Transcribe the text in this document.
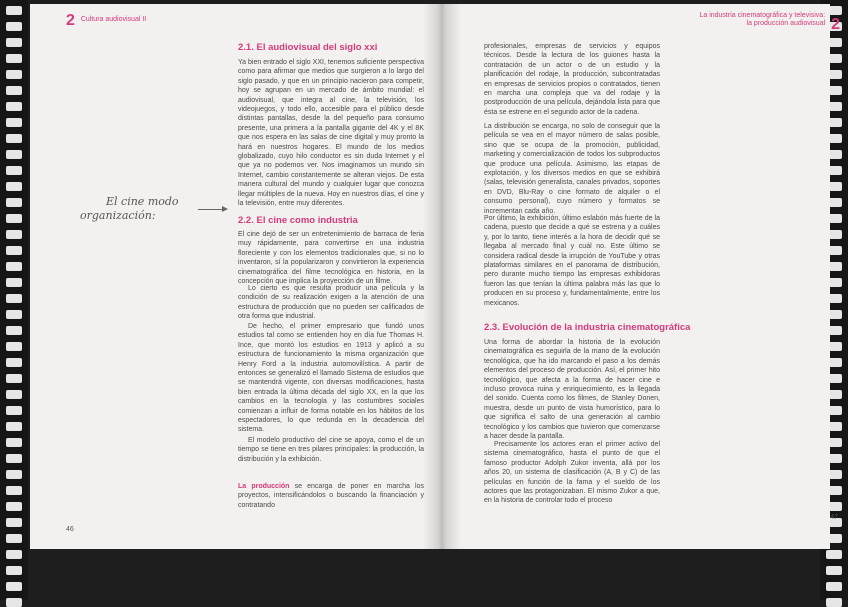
2 Cultura audiovisual II
2.1. El audiovisual del siglo xxi

Ya bien entrado el siglo XXI, tenemos suficiente perspectiva como para afirmar que medios que surgieron a lo largo del siglo pasado, y que en un principio nacieron para competir, hoy se agrupan en un mercado de ámbito mundial: el audiovisual, que integra al cine, la televisión, los videojuegos, y todo ello, accesible para el público desde distintas pantallas, desde la del pequeño para consumo presente, una primera a la pantalla gigante del 4K y el 8K que nos espera en las salas de cine digital y muy pronto la hará en nuestros hogares. El mundo de los medios globalizado, cuyo hilo conductor es sin duda Internet y el que ya no podemos ver. Nos imaginamos un mundo sin Internet, cambio constantemente se alteran viejos. De esta manera cultural del mundo y cualquier lugar que conozca llegar múltiples de la nueva. Hoy en nuestros días, el cine y la televisión, entre muy diferentes.

2.2. El cine como industria

El cine dejó de ser un entretenimiento de barraca de feria muy rápidamente, para convertirse en una industria floreciente y con los elementos tradicionales que, si no lo inventaron, sí la popularizaron y convirtieron la experiencia cinematográfica del filme tecnológica en historia, en la concepción que implica la proyección de un filme.

Lo cierto es que resulta producir una película y la condición de su realización exigen a la atención de una estructura de producción que no pueden ser calificados de otra forma que industrial.

De hecho, el primer empresario que fundó unos estudios tal como se entienden hoy en día fue Thomas H. Ince, que montó los estudios en 1913 y aplicó a su estructura de funcionamiento la misma organización que Henry Ford a la industria automovilística. A partir de entonces se generalizó el llamado Sistema de estudios que se mantendrá vigente, con diversas modificaciones, hasta bien entrada la última década del siglo XX, en la que los cambios en la tecnología y las costumbres sociales comienzan a influir de forma notable en los hábitos de los espectadores, lo que redunda en la decadencia del sistema.

El modelo productivo del cine se apoya, como el de un tiempo se tiene en tres pilares principales: la producción, la distribución y la exhibición.

La producción se encarga de poner en marcha los proyectos, intensificándolos o buscando la financiación y contratando

46
El cine modo
organización:
La industria cinematográfica y televisiva:
la producción audiovisual 2

profesionales, empresas de servicios y equipos técnicos. Desde la lectura de los guiones hasta la contratación de un actor o de un estudio y la planificación del rodaje, la producción, subcontratadas en empresas de servicios propios o contratados, tienen en marcha una compleja que va del rodaje y la postproducción de una película, dejándola lista para que ésta se estrene en el segundo actor de la cadena.

La distribución se encarga, no solo de conseguir que la película se vea en el mayor número de salas posible, sino que se ocupa de la promoción, publicidad, marketing y comercialización de todos los subproductos que produce una película. Asimismo, las etapas de explotación, y los diversos medios en que se exhibirá (salas, televisión generalista, canales privados, soportes en DVD, Blu-Ray o cine formato de alquiler o el consumo personal), cuyo número y formatos se incrementan cada año.

Por último, la exhibición, último eslabón más fuerte de la cadena, puesto que decide a qué se estrena y a cuáles y, por lo tanto, tiene interés a la hora de decidir qué se llegaba al mercado final y cuál no. Este último se considera radical desde la irrupción de YouTube y otras plataformas similares en el panorama de distribución, pero durante mucho tiempo las empresas exhibidoras fueron las que tenían la última palabra más las que lo producen en su proceso y, fundamentalmente, entre los mexicanos.

2.3. Evolución de la industria cinematográfica

Una forma de abordar la historia de la evolución cinematográfica es seguirla de la mano de la evolución tecnológica, que ha ido marcando el paso a los demás elementos del proceso de producción. Así, el primer hito tecnológico, que afecta a la forma de hacer cine e incluso provoca ruina y enriquecimiento, es la llegada del sonido. Cuenta como los filmes, de Stanley Donen, muestra, desde un punto de vista humorístico, para lo que significa el salto de una generación al cambio tecnológico y los cambios que tuvieron que comenzarse a hacer desde la pantalla.

Precisamente los actores eran el primer activo del sistema cinematográfico, hasta el punto de que el famoso productor Adolph Zukor inventa, allá por los años 20, un sistema de clasificación (A, B y C) de las películas en función de la fama y el sueldo de los actores que las protagonizaban. El mismo Zukor a que, en la historia de controlar todo el proceso

47
